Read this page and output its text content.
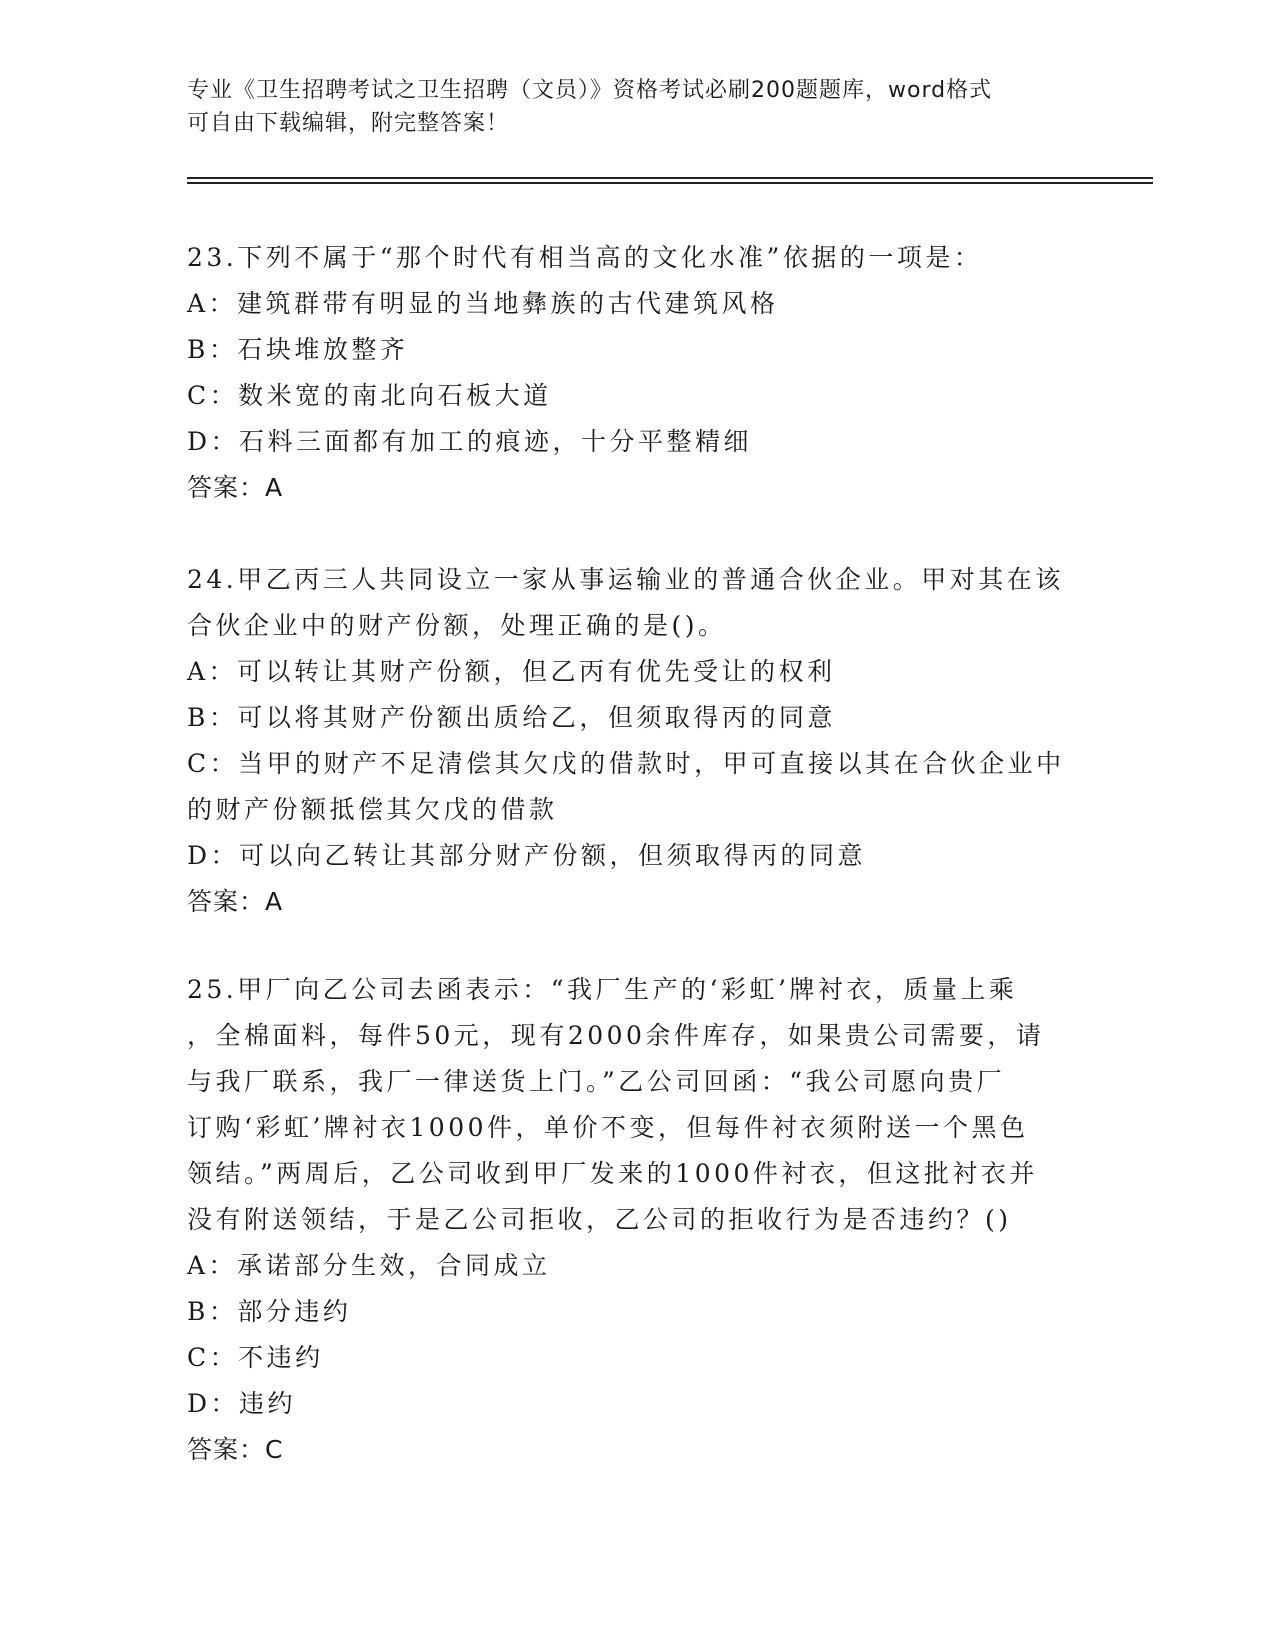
专业《卫生招聘考试之卫生招聘（文员）》资格考试必刷200题题库，word格式
可自由下载编辑，附完整答案！
23.下列不属于“那个时代有相当高的文化水准”依据的一项是：
A：建筑群带有明显的当地彝族的古代建筑风格
B：石块堆放整齐
C：数米宽的南北向石板大道
D：石料三面都有加工的痕迹，十分平整精细
答案：A
24.甲乙丙三人共同设立一家从事运输业的普通合伙企业。甲对其在该
合伙企业中的财产份额，处理正确的是()。
A：可以转让其财产份额，但乙丙有优先受让的权利
B：可以将其财产份额出质给乙，但须取得丙的同意
C：当甲的财产不足清偿其欠戊的借款时，甲可直接以其在合伙企业中
的财产份额抵偿其欠戊的借款
D：可以向乙转让其部分财产份额，但须取得丙的同意
答案：A
25.甲厂向乙公司去函表示：“我厂生产的‘彩虹’牌衬衣，质量上乘
，全棉面料，每件50元，现有2000余件库存，如果贵公司需要，请
与我厂联系，我厂一律送货上门。”乙公司回函：“我公司愿向贵厂
订购‘彩虹’牌衬衣1000件，单价不变，但每件衬衣须附送一个黑色
领结。”两周后，乙公司收到甲厂发来的1000件衬衣，但这批衬衣并
没有附送领结，于是乙公司拒收，乙公司的拒收行为是否违约？()
A：承诺部分生效，合同成立
B：部分违约
C：不违约
D：违约
答案：C
